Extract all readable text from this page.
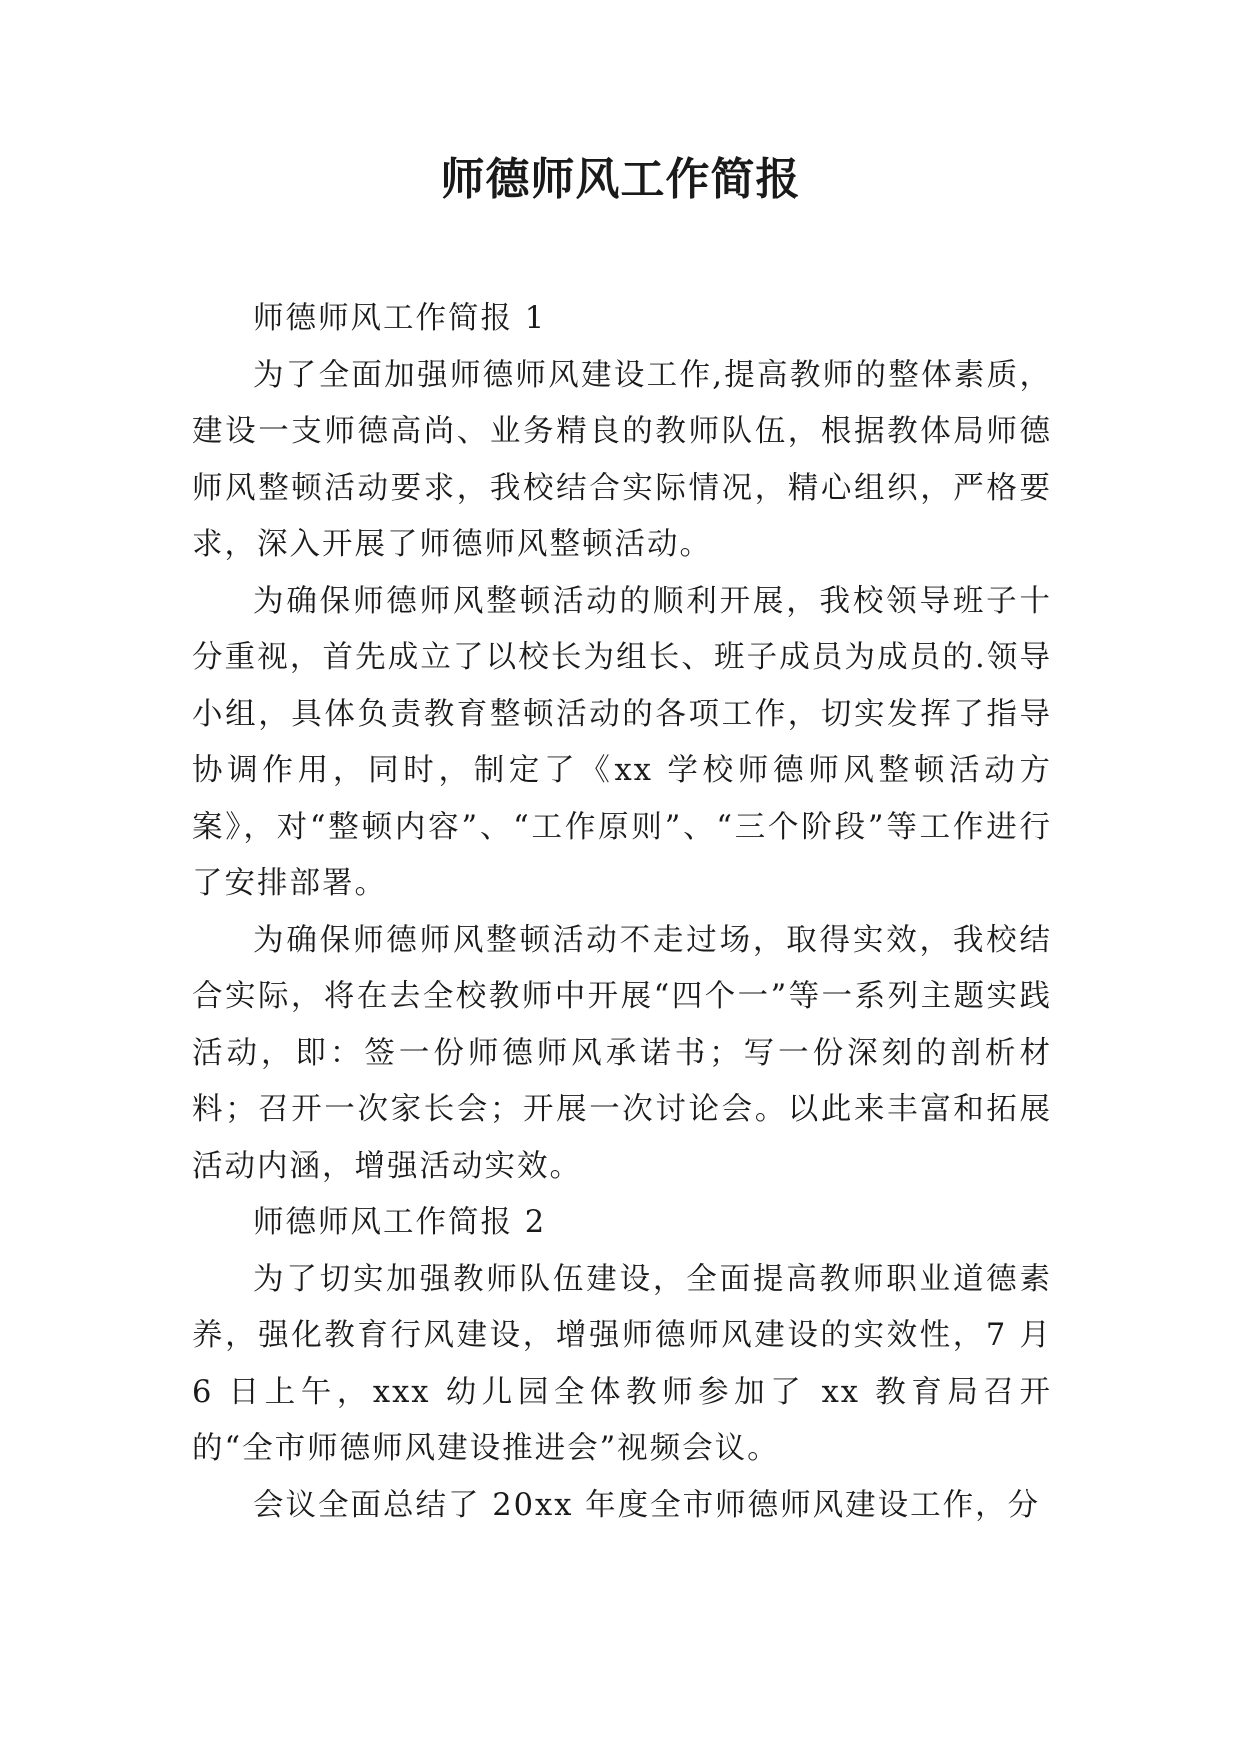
师德师风工作简报

师德师风工作简报 1

为了全面加强师德师风建设工作,提高教师的整体素质，建设一支师德高尚、业务精良的教师队伍，根据教体局师德师风整顿活动要求，我校结合实际情况，精心组织，严格要求，深入开展了师德师风整顿活动。

为确保师德师风整顿活动的顺利开展，我校领导班子十分重视，首先成立了以校长为组长、班子成员为成员的.领导小组，具体负责教育整顿活动的各项工作，切实发挥了指导协调作用，同时，制定了《xx 学校师德师风整顿活动方案》，对“整顿内容”、“工作原则”、“三个阶段”等工作进行了安排部署。

为确保师德师风整顿活动不走过场，取得实效，我校结合实际，将在去全校教师中开展“四个一”等一系列主题实践活动，即：签一份师德师风承诺书；写一份深刻的剖析材料；召开一次家长会；开展一次讨论会。以此来丰富和拓展活动内涵，增强活动实效。

师德师风工作简报 2

为了切实加强教师队伍建设，全面提高教师职业道德素养，强化教育行风建设，增强师德师风建设的实效性，7 月 6 日上午，xxx 幼儿园全体教师参加了 xx 教育局召开的“全市师德师风建设推进会”视频会议。

会议全面总结了 20xx 年度全市师德师风建设工作，分
